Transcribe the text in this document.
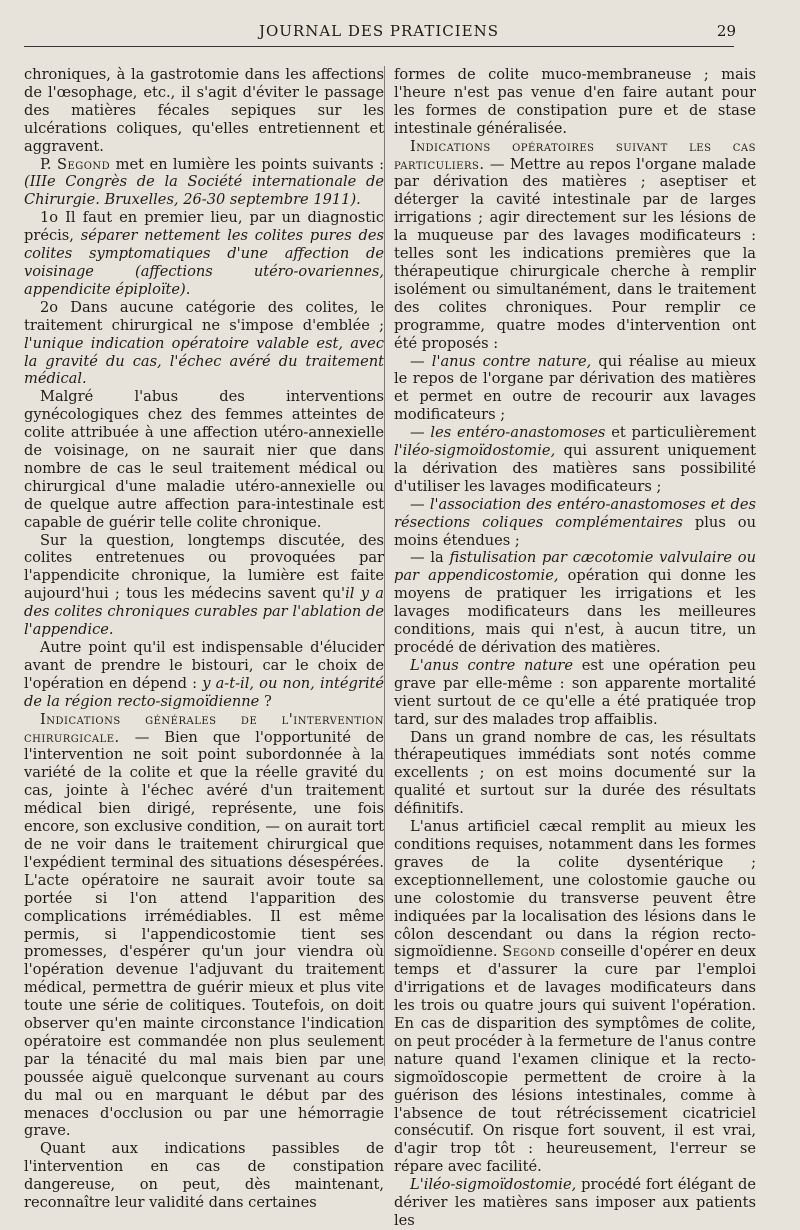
JOURNAL DES PRATICIENS	29

chroniques, à la gastrotomie dans les affections de l'œsophage, etc., il s'agit d'éviter le passage des matières fécales sepiques sur les ulcérations coliques, qu'elles entretiennent et aggravent.

P. Segond met en lumière les points suivants : (IIIe Congrès de la Société internationale de Chirurgie. Bruxelles, 26-30 septembre 1911).

1o Il faut en premier lieu, par un diagnostic précis, séparer nettement les colites pures des colites symptomatiques d'une affection de voisinage (affections utéro-ovariennes, appendicite épiploïte).

2o Dans aucune catégorie des colites, le traitement chirurgical ne s'impose d'emblée ; l'unique indication opératoire valable est, avec la gravité du cas, l'échec avéré du traitement médical.

Malgré l'abus des interventions gynécologiques chez des femmes atteintes de colite attribuée à une affection utéro-annexielle de voisinage, on ne saurait nier que dans nombre de cas le seul traitement médical ou chirurgical d'une maladie utéro-annexielle ou de quelque autre affection para-intestinale est capable de guérir telle colite chronique.

Sur la question, longtemps discutée, des colites entretenues ou provoquées par l'appendicite chronique, la lumière est faite aujourd'hui ; tous les médecins savent qu'il y a des colites chroniques curables par l'ablation de l'appendice.

Autre point qu'il est indispensable d'élucider avant de prendre le bistouri, car le choix de l'opération en dépend : y a-t-il, ou non, intégrité de la région recto-sigmoïdienne ?

Indications générales de l'intervention chirurgicale. — Bien que l'opportunité de l'intervention ne soit point subordonnée à la variété de la colite et que la réelle gravité du cas, jointe à l'échec avéré d'un traitement médical bien dirigé, représente, une fois encore, son exclusive condition, — on aurait tort de ne voir dans le traitement chirurgical que l'expédient terminal des situations désespérées. L'acte opératoire ne saurait avoir toute sa portée si l'on attend l'apparition des complications irrémédiables. Il est même permis, si l'appendicostomie tient ses promesses, d'espérer qu'un jour viendra où l'opération devenue l'adjuvant du traitement médical, permettra de guérir mieux et plus vite toute une série de colitiques. Toutefois, on doit observer qu'en mainte circonstance l'indication opératoire est commandée non plus seulement par la ténacité du mal mais bien par une poussée aiguë quelconque survenant au cours du mal ou en marquant le début par des menaces d'occlusion ou par une hémorragie grave.

Quant aux indications passibles de l'intervention en cas de constipation dangereuse, on peut, dès maintenant, reconnaître leur validité dans certaines

formes de colite muco-membraneuse ; mais l'heure n'est pas venue d'en faire autant pour les formes de constipation pure et de stase intestinale généralisée.

Indications opératoires suivant les cas particuliers. — Mettre au repos l'organe malade par dérivation des matières ; aseptiser et déterger la cavité intestinale par de larges irrigations ; agir directement sur les lésions de la muqueuse par des lavages modificateurs : telles sont les indications premières que la thérapeutique chirurgicale cherche à remplir isolément ou simultanément, dans le traitement des colites chroniques. Pour remplir ce programme, quatre modes d'intervention ont été proposés :

— l'anus contre nature, qui réalise au mieux le repos de l'organe par dérivation des matières et permet en outre de recourir aux lavages modificateurs ;

— les entéro-anastomoses et particulièrement l'iléo-sigmoïdostomie, qui assurent uniquement la dérivation des matières sans possibilité d'utiliser les lavages modificateurs ;

— l'association des entéro-anastomoses et des résections coliques complémentaires plus ou moins étendues ;

— la fistulisation par cæcotomie valvulaire ou par appendicostomie, opération qui donne les moyens de pratiquer les irrigations et les lavages modificateurs dans les meilleures conditions, mais qui n'est, à aucun titre, un procédé de dérivation des matières.

L'anus contre nature est une opération peu grave par elle-même : son apparente mortalité vient surtout de ce qu'elle a été pratiquée trop tard, sur des malades trop affaiblis.

Dans un grand nombre de cas, les résultats thérapeutiques immédiats sont notés comme excellents ; on est moins documenté sur la qualité et surtout sur la durée des résultats définitifs.

L'anus artificiel cæcal remplit au mieux les conditions requises, notamment dans les formes graves de la colite dysentérique ; exceptionnellement, une colostomie gauche ou une colostomie du transverse peuvent être indiquées par la localisation des lésions dans le côlon descendant ou dans la région recto-sigmoïdienne. Segond conseille d'opérer en deux temps et d'assurer la cure par l'emploi d'irrigations et de lavages modificateurs dans les trois ou quatre jours qui suivent l'opération. En cas de disparition des symptômes de colite, on peut procéder à la fermeture de l'anus contre nature quand l'examen clinique et la recto-sigmoïdoscopie permettent de croire à la guérison des lésions intestinales, comme à l'absence de tout rétrécissement cicatriciel consécutif. On risque fort souvent, il est vrai, d'agir trop tôt : heureusement, l'erreur se répare avec facilité.

L'iléo-sigmoïdostomie, procédé fort élégant de dériver les matières sans imposer aux patients les
